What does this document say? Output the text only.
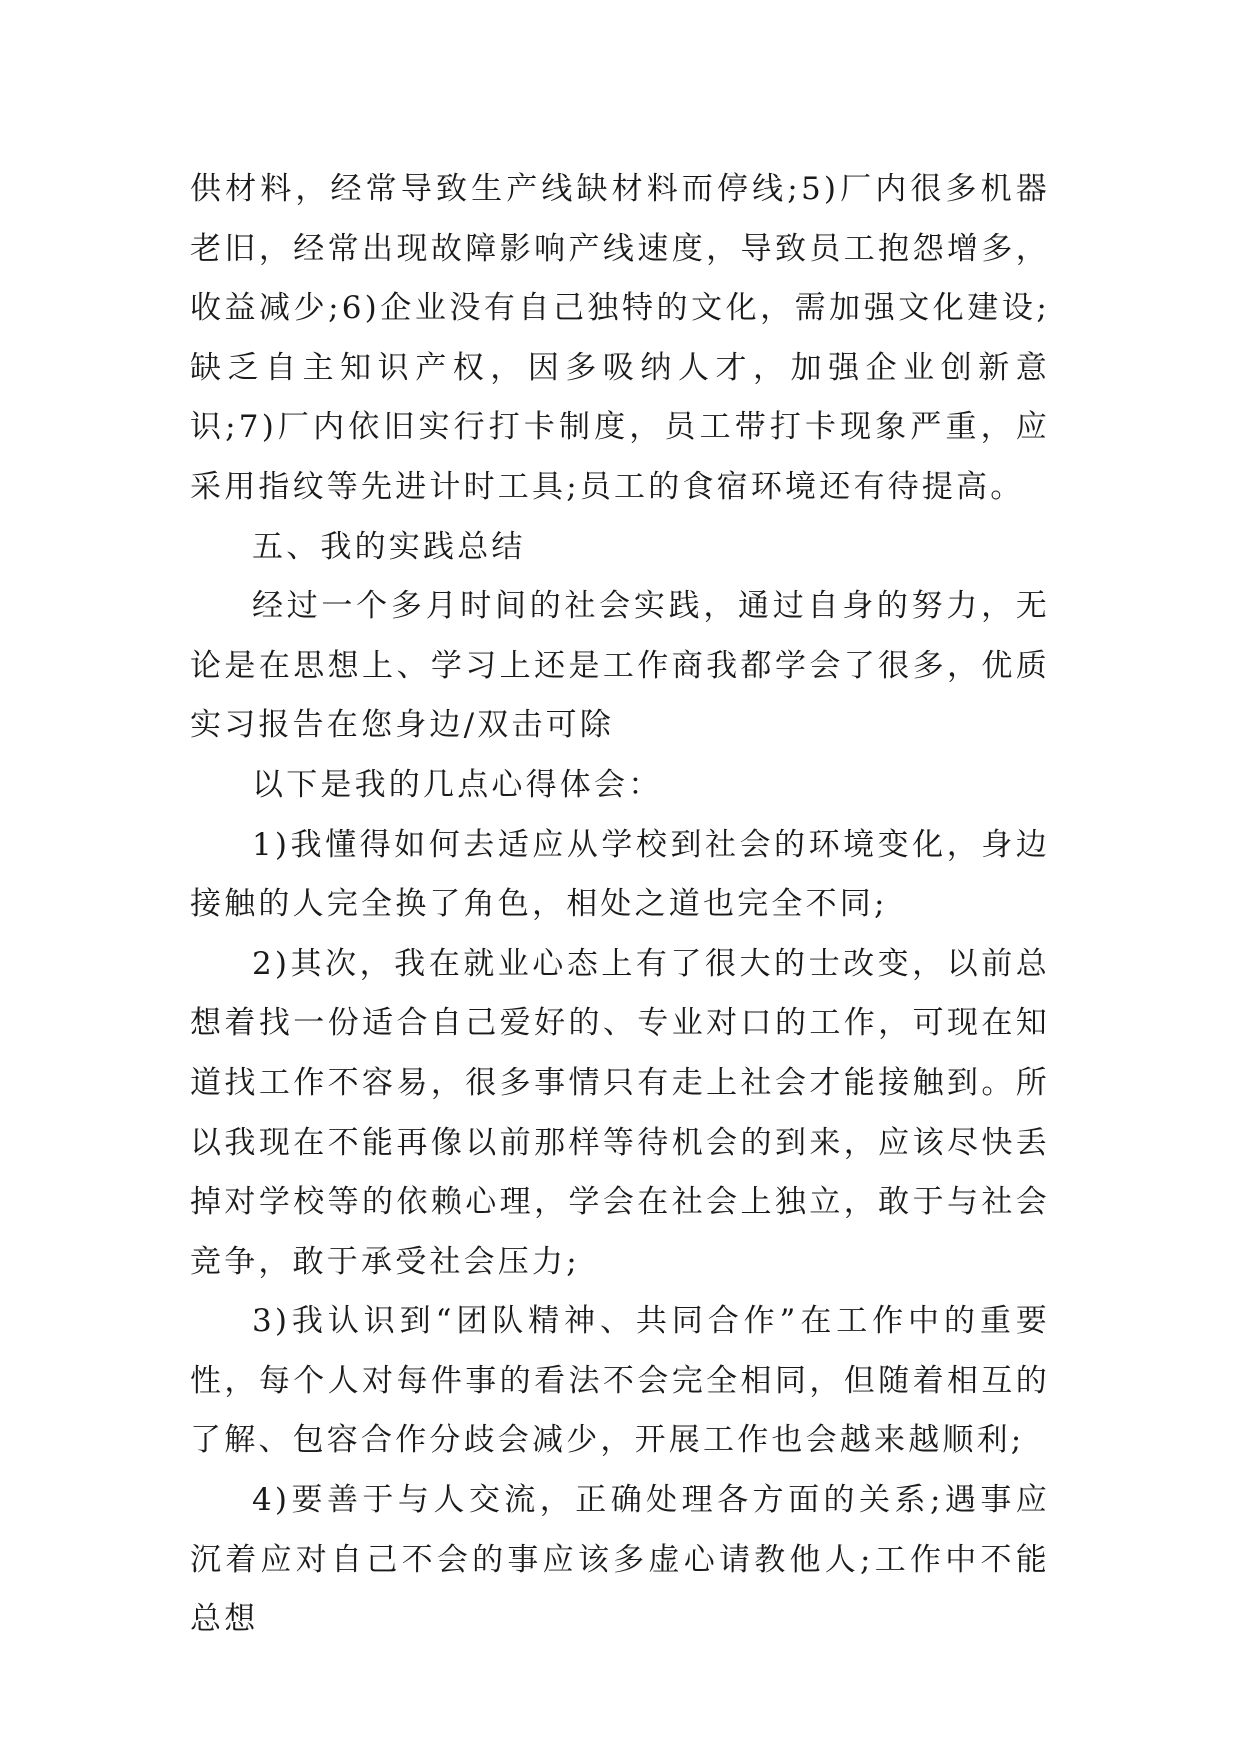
供材料，经常导致生产线缺材料而停线;5)厂内很多机器老旧，经常出现故障影响产线速度，导致员工抱怨增多，收益减少;6)企业没有自己独特的文化，需加强文化建设;缺乏自主知识产权，因多吸纳人才，加强企业创新意识;7)厂内依旧实行打卡制度，员工带打卡现象严重，应采用指纹等先进计时工具;员工的食宿环境还有待提高。

五、我的实践总结

经过一个多月时间的社会实践，通过自身的努力，无论是在思想上、学习上还是工作商我都学会了很多，优质实习报告在您身边/双击可除

以下是我的几点心得体会：

1)我懂得如何去适应从学校到社会的环境变化，身边接触的人完全换了角色，相处之道也完全不同;

2)其次，我在就业心态上有了很大的士改变，以前总想着找一份适合自己爱好的、专业对口的工作，可现在知道找工作不容易，很多事情只有走上社会才能接触到。所以我现在不能再像以前那样等待机会的到来，应该尽快丢掉对学校等的依赖心理，学会在社会上独立，敢于与社会竞争，敢于承受社会压力;

3)我认识到“团队精神、共同合作”在工作中的重要性，每个人对每件事的看法不会完全相同，但随着相互的了解、包容合作分歧会减少，开展工作也会越来越顺利;

4)要善于与人交流，正确处理各方面的关系;遇事应沉着应对自己不会的事应该多虚心请教他人;工作中不能总想
